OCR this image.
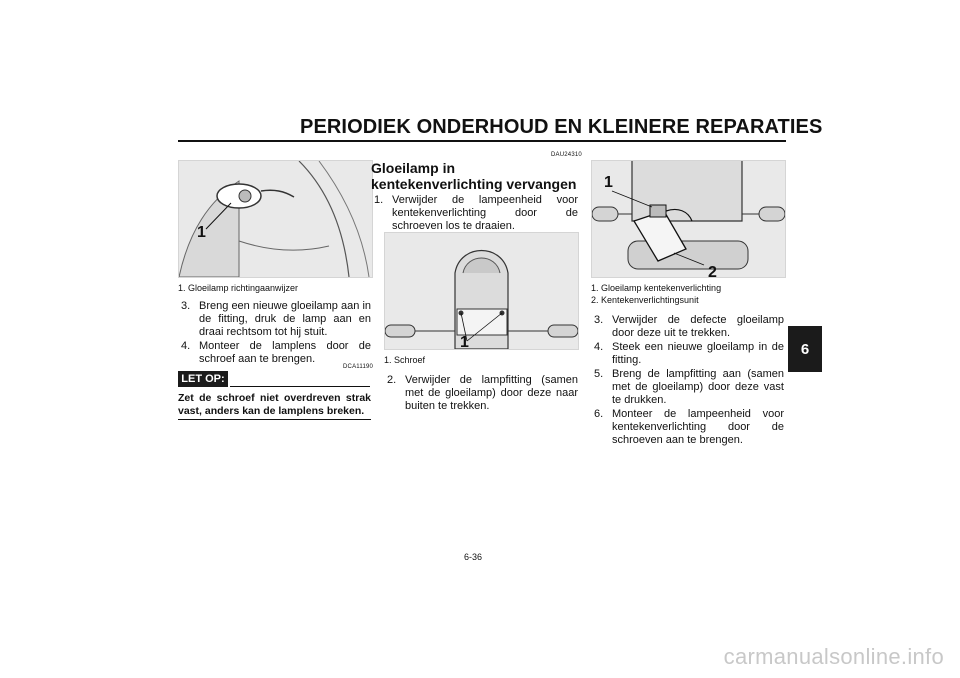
PERIODIEK ONDERHOUD EN KLEINERE REPARATIES
6
1
1. Gloeilamp richtingaanwijzer
3. Breng een nieuwe gloeilamp aan in de fitting, druk de lamp aan en draai rechtsom tot hij stuit.
4. Monteer de lamplens door de schroef aan te brengen.
DCA11190
LET OP:
Zet de schroef niet overdreven strak vast, anders kan de lamplens breken.
DAU24310
Gloeilamp in kentekenverlichting vervangen
1. Verwijder de lampeenheid voor kentekenverlichting door de schroeven los te draaien.
1
1. Schroef
2. Verwijder de lampfitting (samen met de gloeilamp) door deze naar buiten te trekken.
1
2
1. Gloeilamp kentekenverlichting
2. Kentekenverlichtingsunit
3. Verwijder de defecte gloeilamp door deze uit te trekken.
4. Steek een nieuwe gloeilamp in de fitting.
5. Breng de lampfitting aan (samen met de gloeilamp) door deze vast te drukken.
6. Monteer de lampeenheid voor kentekenverlichting door de schroeven aan te brengen.
6-36
carmanualsonline.info
